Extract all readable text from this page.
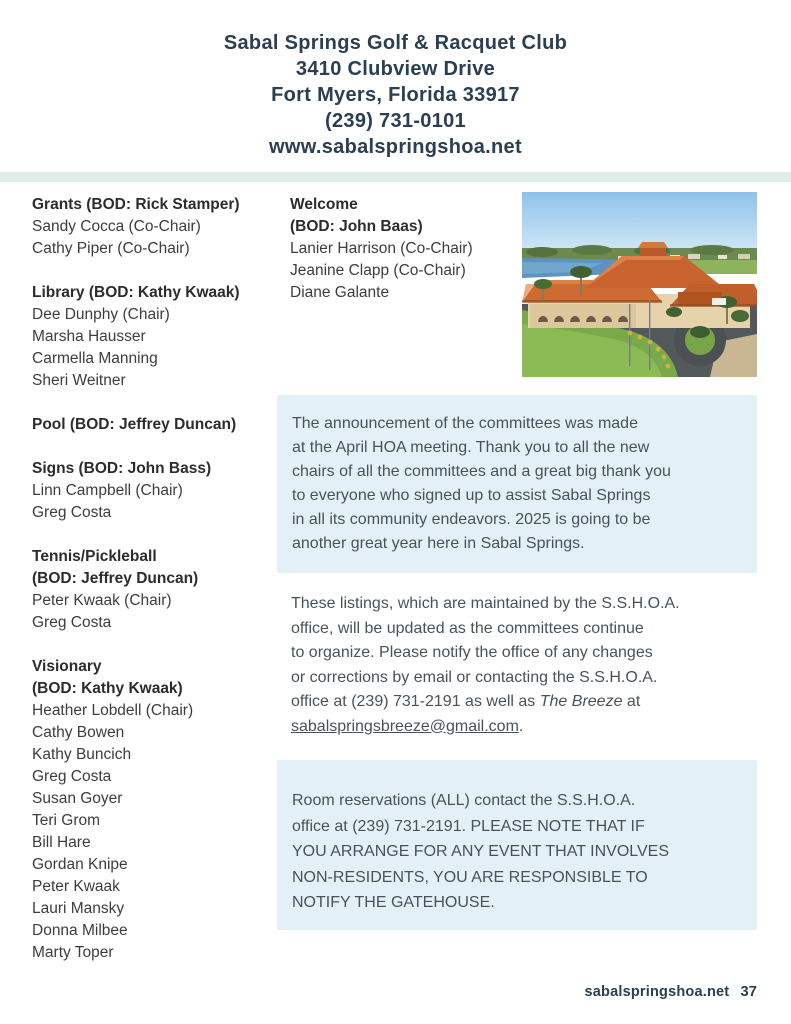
Sabal Springs Golf & Racquet Club
3410 Clubview Drive
Fort Myers, Florida 33917
(239) 731-0101
www.sabalspringshoa.net
Grants (BOD: Rick Stamper)
Sandy Cocca (Co-Chair)
Cathy Piper (Co-Chair)
Library (BOD: Kathy Kwaak)
Dee Dunphy (Chair)
Marsha Hausser
Carmella Manning
Sheri Weitner
Pool (BOD: Jeffrey Duncan)
Signs (BOD: John Bass)
Linn Campbell (Chair)
Greg Costa
Tennis/Pickleball
(BOD: Jeffrey Duncan)
Peter Kwaak (Chair)
Greg Costa
Visionary
(BOD: Kathy Kwaak)
Heather Lobdell (Chair)
Cathy Bowen
Kathy Buncich
Greg Costa
Susan Goyer
Teri Grom
Bill Hare
Gordan Knipe
Peter Kwaak
Lauri Mansky
Donna Milbee
Marty Toper
Welcome
(BOD: John Baas)
Lanier Harrison (Co-Chair)
Jeanine Clapp (Co-Chair)
Diane Galante
The announcement of the committees was made
at the April HOA meeting. Thank you to all the new
chairs of all the committees and a great big thank you
to everyone who signed up to assist Sabal Springs
in all its community endeavors. 2025 is going to be
another great year here in Sabal Springs.
These listings, which are maintained by the S.S.H.O.A.
office, will be updated as the committees continue
to organize. Please notify the office of any changes
or corrections by email or contacting the S.S.H.O.A.
office at (239) 731-2191 as well as The Breeze at
sabalspringsbreeze@gmail.com.
Room reservations (ALL) contact the S.S.H.O.A.
office at (239) 731-2191. PLEASE NOTE THAT IF
YOU ARRANGE FOR ANY EVENT THAT INVOLVES
NON-RESIDENTS, YOU ARE RESPONSIBLE TO
NOTIFY THE GATEHOUSE.
sabalspringshoa.net 37
